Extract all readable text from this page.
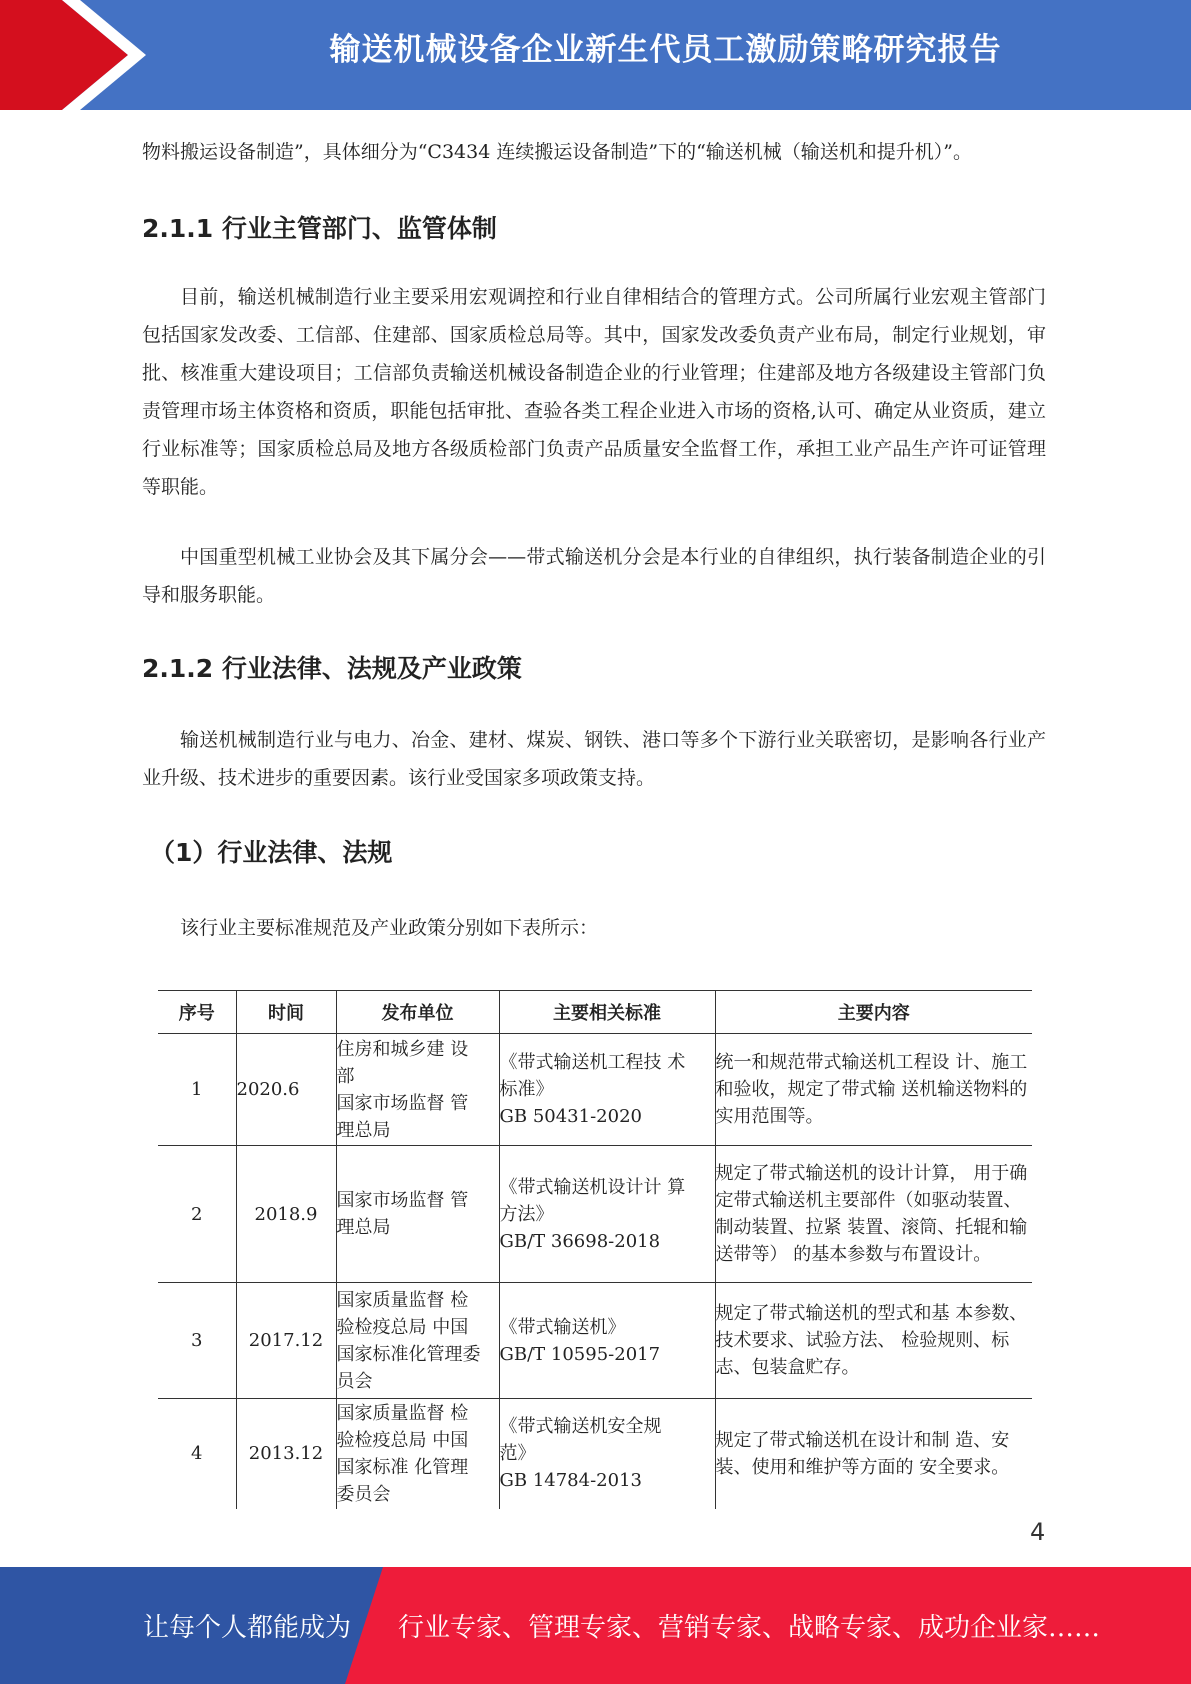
输送机械设备企业新生代员工激励策略研究报告

物料搬运设备制造”，具体细分为“C3434 连续搬运设备制造”下的“输送机械（输送机和提升机）”。

2.1.1 行业主管部门、监管体制

目前，输送机械制造行业主要采用宏观调控和行业自律相结合的管理方式。公司所属行业宏观主管部门包括国家发改委、工信部、住建部、国家质检总局等。其中，国家发改委负责产业布局，制定行业规划，审批、核准重大建设项目；工信部负责输送机械设备制造企业的行业管理；住建部及地方各级建设主管部门负责管理市场主体资格和资质，职能包括审批、查验各类工程企业进入市场的资格,认可、确定从业资质，建立行业标准等；国家质检总局及地方各级质检部门负责产品质量安全监督工作，承担工业产品生产许可证管理等职能。

中国重型机械工业协会及其下属分会——带式输送机分会是本行业的自律组织，执行装备制造企业的引导和服务职能。

2.1.2 行业法律、法规及产业政策

输送机械制造行业与电力、冶金、建材、煤炭、钢铁、港口等多个下游行业关联密切，是影响各行业产业升级、技术进步的重要因素。该行业受国家多项政策支持。

（1）行业法律、法规

该行业主要标准规范及产业政策分别如下表所示：

序号	时间	发布单位	主要相关标准	主要内容
1	2020.6	住房和城乡建 设
部
国家市场监督 管
理总局	《带式输送机工程技 术
标准》
GB 50431-2020	统一和规范带式输送机工程设 计、施工和验收，规定了带式输 送机输送物料的实用范围等。
2	2018.9	国家市场监督 管
理总局	《带式输送机设计计 算
方法》
GB/T 36698-2018	规定了带式输送机的设计计算， 用于确定带式输送机主要部件（如驱动装置、制动装置、拉紧 装置、滚筒、托辊和输送带等） 的基本参数与布置设计。
3	2017.12	国家质量监督 检
验检疫总局 中国
国家标准化管理委
员会	《带式输送机》
GB/T 10595-2017	规定了带式输送机的型式和基 本参数、技术要求、试验方法、 检验规则、标志、包装盒贮存。
4	2013.12	国家质量监督 检
验检疫总局 中国
国家标准 化管理
委员会	《带式输送机安全规
范》
GB 14784-2013	规定了带式输送机在设计和制 造、安装、使用和维护等方面的 安全要求。
4
让每个人都能成为 行业专家、管理专家、营销专家、战略专家、成功企业家……
